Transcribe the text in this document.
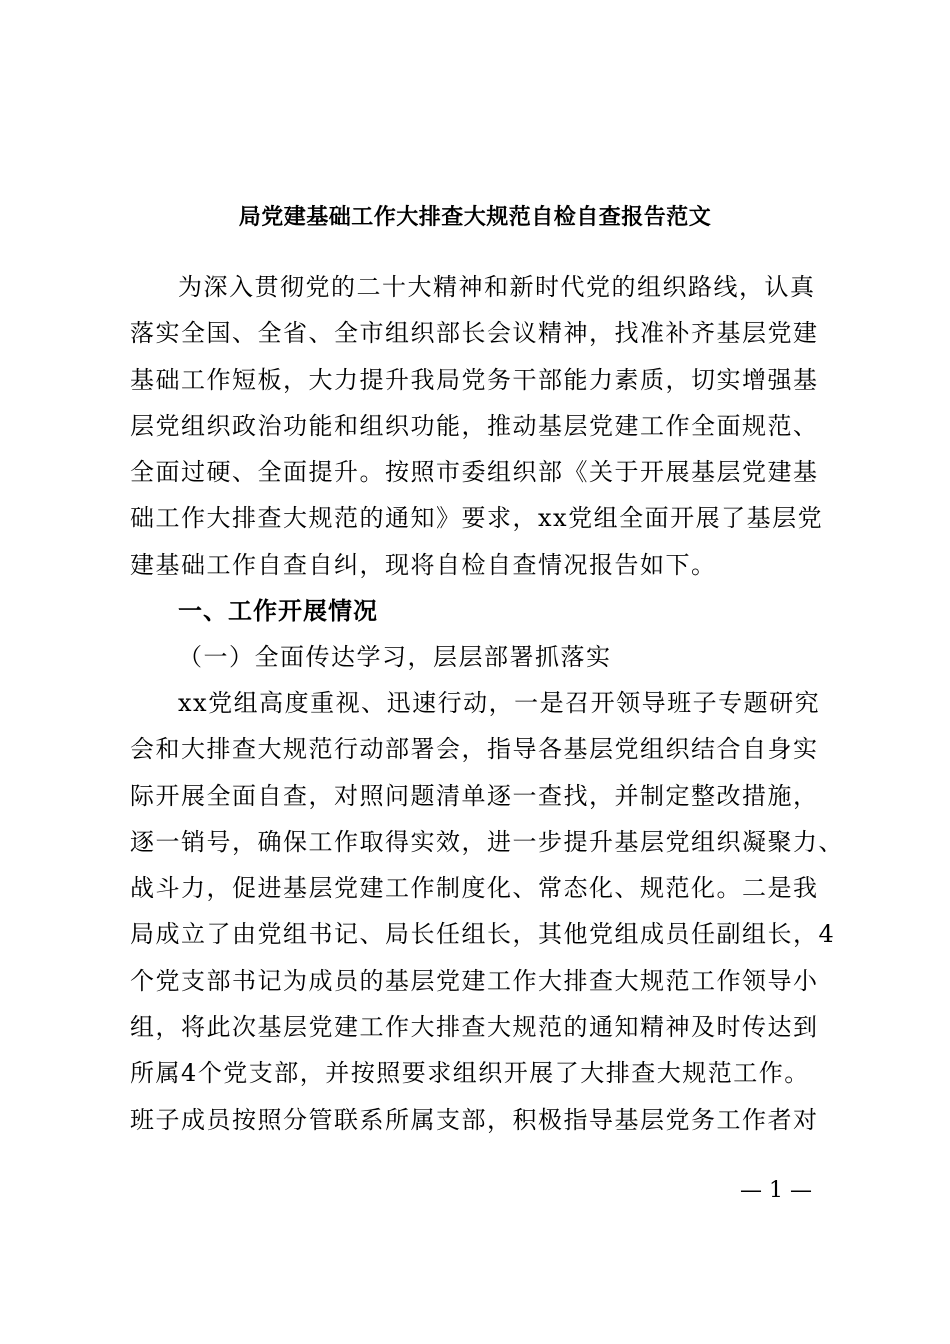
局党建基础工作大排查大规范自检自查报告范文
为深入贯彻党的二十大精神和新时代党的组织路线，认真
落实全国、全省、全市组织部长会议精神，找准补齐基层党建
基础工作短板，大力提升我局党务干部能力素质，切实增强基
层党组织政治功能和组织功能，推动基层党建工作全面规范、
全面过硬、全面提升。按照市委组织部《关于开展基层党建基
础工作大排查大规范的通知》要求，xx党组全面开展了基层党
建基础工作自查自纠，现将自检自查情况报告如下。
一、工作开展情况
（一）全面传达学习，层层部署抓落实
xx党组高度重视、迅速行动，一是召开领导班子专题研究
会和大排查大规范行动部署会，指导各基层党组织结合自身实
际开展全面自查，对照问题清单逐一查找，并制定整改措施，
逐一销号，确保工作取得实效，进一步提升基层党组织凝聚力、
战斗力，促进基层党建工作制度化、常态化、规范化。二是我
局成立了由党组书记、局长任组长，其他党组成员任副组长，4
个党支部书记为成员的基层党建工作大排查大规范工作领导小
组，将此次基层党建工作大排查大规范的通知精神及时传达到
所属4个党支部，并按照要求组织开展了大排查大规范工作。
班子成员按照分管联系所属支部，积极指导基层党务工作者对
— 1 —
